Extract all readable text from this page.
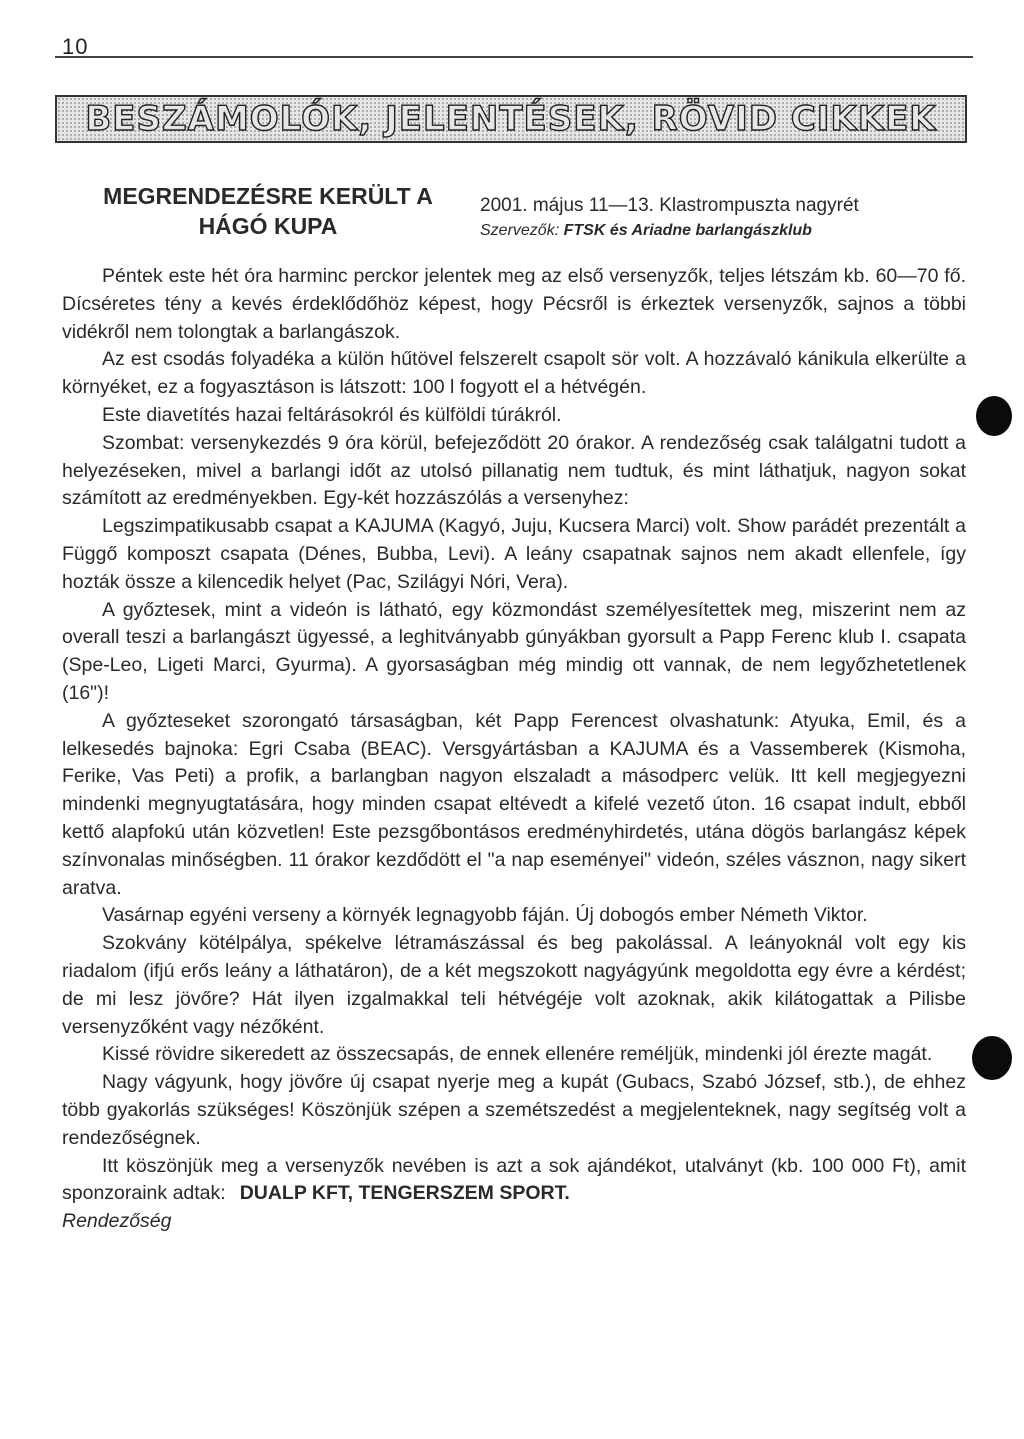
10
BESZÁMOLÓK, JELENTÉSEK, RÖVID CIKKEK
MEGRENDEZÉSRE KERÜLT A
HÁGÓ KUPA
2001. május 11—13. Klastrompuszta nagyrét
Szervezők: FTSK és Ariadne barlangászklub

Péntek este hét óra harminc perckor jelentek meg az első versenyzők, teljes létszám kb. 60—70 fő. Dícséretes tény a kevés érdeklődőhöz képest, hogy Pécsről is érkeztek versenyzők, sajnos a többi vidékről nem tolongtak a barlangászok.

Az est csodás folyadéka a külön hűtövel felszerelt csapolt sör volt. A hozzávaló kánikula elkerülte a környéket, ez a fogyasztáson is látszott: 100 l fogyott el a hétvégén.

Este diavetítés hazai feltárásokról és külföldi túrákról.

Szombat: versenykezdés 9 óra körül, befejeződött 20 órakor. A rendezőség csak találgatni tudott a helyezéseken, mivel a barlangi időt az utolsó pillanatig nem tudtuk, és mint láthatjuk, nagyon sokat számított az eredményekben. Egy-két hozzászólás a versenyhez:

Legszimpatikusabb csapat a KAJUMA (Kagyó, Juju, Kucsera Marci) volt. Show parádét prezentált a Függő komposzt csapata (Dénes, Bubba, Levi). A leány csapatnak sajnos nem akadt ellenfele, így hozták össze a kilencedik helyet (Pac, Szilágyi Nóri, Vera).

A győztesek, mint a videón is látható, egy közmondást személyesítettek meg, miszerint nem az overall teszi a barlangászt ügyessé, a leghitványabb gúnyákban gyorsult a Papp Ferenc klub I. csapata (Spe-Leo, Ligeti Marci, Gyurma). A gyorsaságban még mindig ott vannak, de nem legyőzhetetlenek (16")!

A győzteseket szorongató társaságban, két Papp Ferencest olvashatunk: Atyuka, Emil, és a lelkesedés bajnoka: Egri Csaba (BEAC). Versgyártásban a KAJUMA és a Vassemberek (Kismoha, Ferike, Vas Peti) a profik, a barlangban nagyon elszaladt a másodperc velük. Itt kell megjegyezni mindenki megnyugtatására, hogy minden csapat eltévedt a kifelé vezető úton. 16 csapat indult, ebből kettő alapfokú után közvetlen! Este pezsgőbontásos eredményhirdetés, utána dögös barlangász képek színvonalas minőségben. 11 órakor kezdődött el "a nap eseményei" videón, széles vásznon, nagy sikert aratva.

Vasárnap egyéni verseny a környék legnagyobb fáján. Új dobogós ember Németh Viktor.

Szokvány kötélpálya, spékelve létramászással és beg pakolással. A leányoknál volt egy kis riadalom (ifjú erős leány a láthatáron), de a két megszokott nagyágyúnk megoldotta egy évre a kérdést; de mi lesz jövőre? Hát ilyen izgalmakkal teli hétvégéje volt azoknak, akik kilátogattak a Pilisbe versenyzőként vagy nézőként.

Kissé rövidre sikeredett az összecsapás, de ennek ellenére reméljük, mindenki jól érezte magát.

Nagy vágyunk, hogy jövőre új csapat nyerje meg a kupát (Gubacs, Szabó József, stb.), de ehhez több gyakorlás szükséges! Köszönjük szépen a szemétszedést a megjelenteknek, nagy segítség volt a rendezőségnek.

Itt köszönjük meg a versenyzők nevében is azt a sok ajándékot, utalványt (kb. 100 000 Ft), amit sponzoraink adtak: DUALP KFT, TENGERSZEM SPORT.

Rendezőség
